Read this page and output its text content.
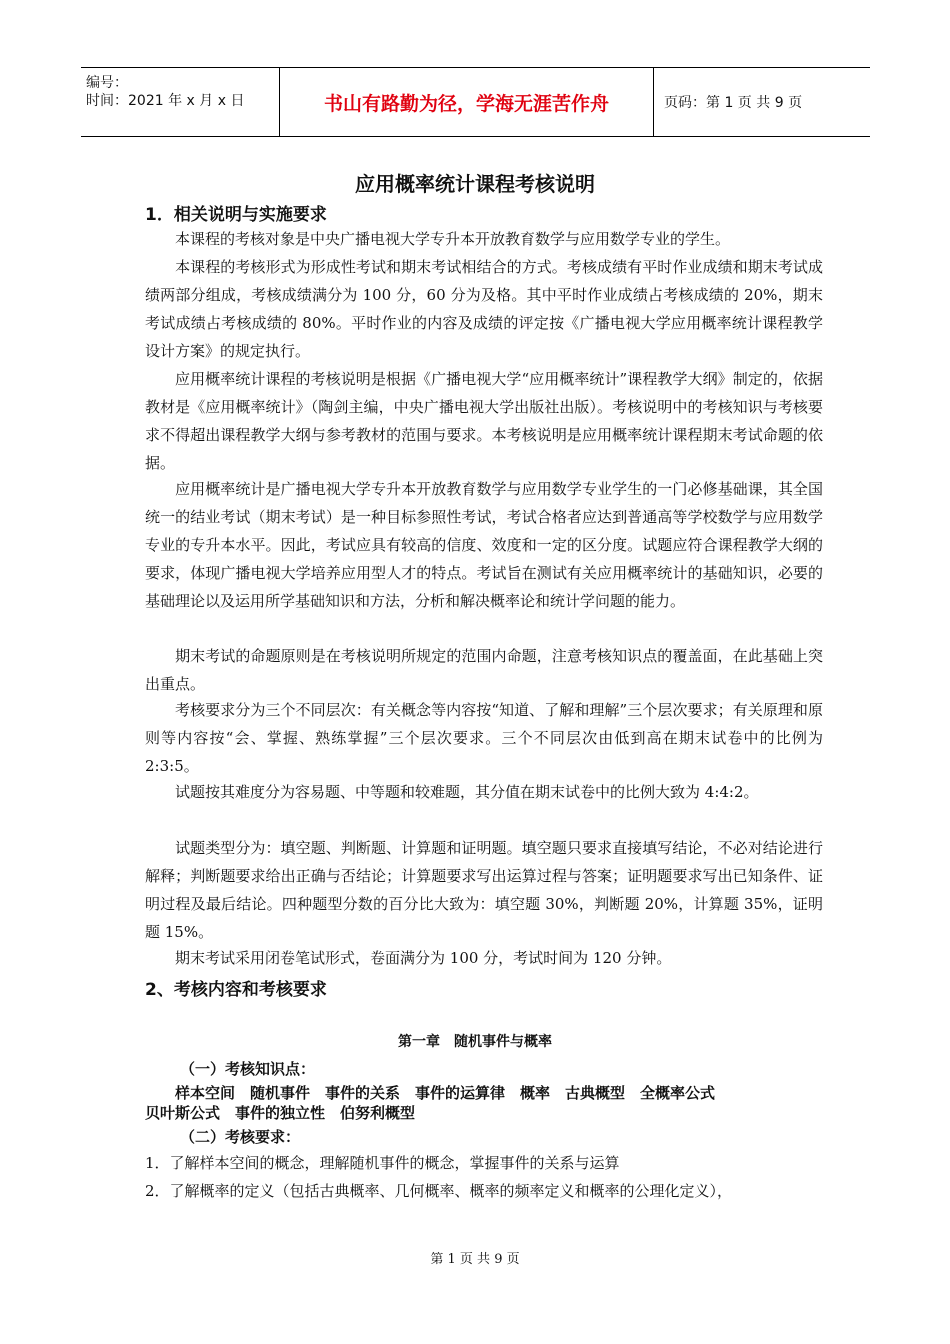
编号：
时间：2021 年 x 月 x 日	书山有路勤为径，学海无涯苦作舟	页码：第 1 页 共 9 页
应用概率统计课程考核说明
1．相关说明与实施要求
本课程的考核对象是中央广播电视大学专升本开放教育数学与应用数学专业的学生。
本课程的考核形式为形成性考试和期末考试相结合的方式。考核成绩有平时作业成绩和期末考试成绩两部分组成，考核成绩满分为 100 分，60 分为及格。其中平时作业成绩占考核成绩的 20%，期末考试成绩占考核成绩的 80%。平时作业的内容及成绩的评定按《广播电视大学应用概率统计课程教学设计方案》的规定执行。
应用概率统计课程的考核说明是根据《广播电视大学“应用概率统计”课程教学大纲》制定的，依据教材是《应用概率统计》（陶剑主编，中央广播电视大学出版社出版）。考核说明中的考核知识与考核要求不得超出课程教学大纲与参考教材的范围与要求。本考核说明是应用概率统计课程期末考试命题的依据。
应用概率统计是广播电视大学专升本开放教育数学与应用数学专业学生的一门必修基础课，其全国统一的结业考试（期末考试）是一种目标参照性考试，考试合格者应达到普通高等学校数学与应用数学专业的专升本水平。因此，考试应具有较高的信度、效度和一定的区分度。试题应符合课程教学大纲的要求，体现广播电视大学培养应用型人才的特点。考试旨在测试有关应用概率统计的基础知识，必要的基础理论以及运用所学基础知识和方法，分析和解决概率论和统计学问题的能力。
期末考试的命题原则是在考核说明所规定的范围内命题，注意考核知识点的覆盖面，在此基础上突出重点。
考核要求分为三个不同层次：有关概念等内容按“知道、了解和理解”三个层次要求；有关原理和原则等内容按“会、掌握、熟练掌握”三个层次要求。三个不同层次由低到高在期末试卷中的比例为 2:3:5。
试题按其难度分为容易题、中等题和较难题，其分值在期末试卷中的比例大致为 4:4:2。
试题类型分为：填空题、判断题、计算题和证明题。填空题只要求直接填写结论，不必对结论进行解释；判断题要求给出正确与否结论；计算题要求写出运算过程与答案；证明题要求写出已知条件、证明过程及最后结论。四种题型分数的百分比大致为：填空题 30%，判断题 20%，计算题 35%，证明题 15%。
期末考试采用闭卷笔试形式，卷面满分为 100 分，考试时间为 120 分钟。
2、考核内容和考核要求
第一章　随机事件与概率
（一）考核知识点：
样本空间　随机事件　事件的关系　事件的运算律　概率　古典概型　全概率公式
贝叶斯公式　事件的独立性　伯努利概型
（二）考核要求：
1．了解样本空间的概念，理解随机事件的概念，掌握事件的关系与运算
2．了解概率的定义（包括古典概率、几何概率、概率的频率定义和概率的公理化定义），
第 1 页 共 9 页
